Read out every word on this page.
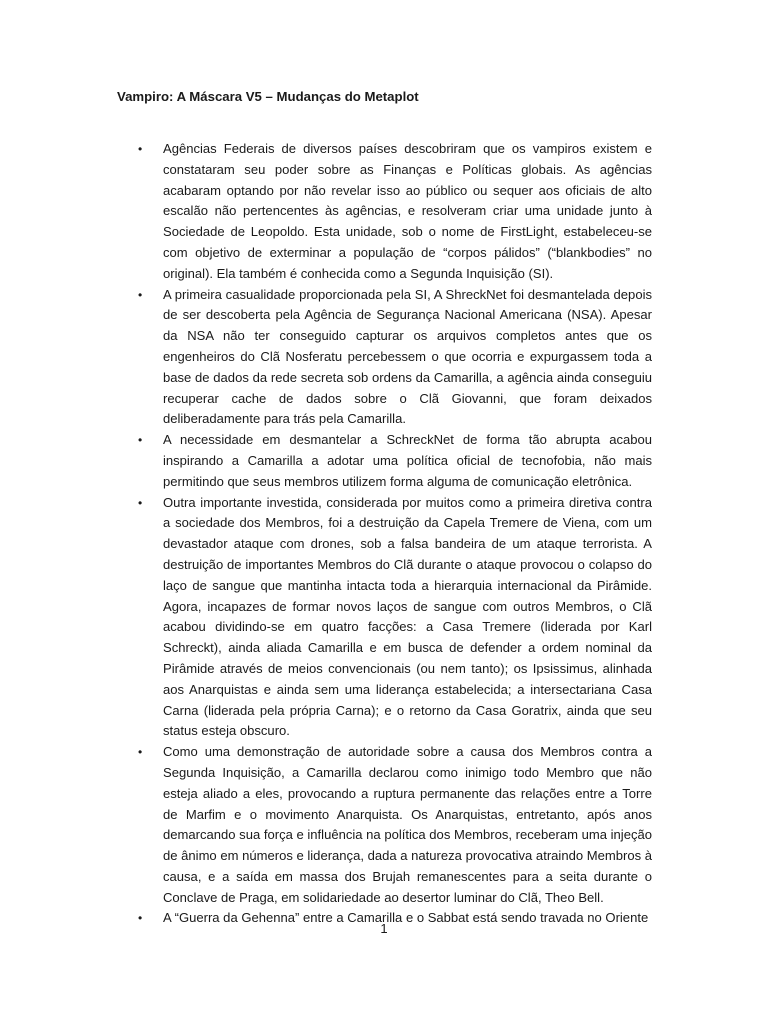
Vampiro: A Máscara V5 – Mudanças do Metaplot
• Agências Federais de diversos países descobriram que os vampiros existem e constataram seu poder sobre as Finanças e Políticas globais. As agências acabaram optando por não revelar isso ao público ou sequer aos oficiais de alto escalão não pertencentes às agências, e resolveram criar uma unidade junto à Sociedade de Leopoldo. Esta unidade, sob o nome de FirstLight, estabeleceu-se com objetivo de exterminar a população de “corpos pálidos” (“blankbodies” no original). Ela também é conhecida como a Segunda Inquisição (SI).
• A primeira casualidade proporcionada pela SI, A ShreckNet foi desmantelada depois de ser descoberta pela Agência de Segurança Nacional Americana (NSA). Apesar da NSA não ter conseguido capturar os arquivos completos antes que os engenheiros do Clã Nosferatu percebessem o que ocorria e expurgassem toda a base de dados da rede secreta sob ordens da Camarilla, a agência ainda conseguiu recuperar cache de dados sobre o Clã Giovanni, que foram deixados deliberadamente para trás pela Camarilla.
• A necessidade em desmantelar a SchreckNet de forma tão abrupta acabou inspirando a Camarilla a adotar uma política oficial de tecnofobia, não mais permitindo que seus membros utilizem forma alguma de comunicação eletrônica.
• Outra importante investida, considerada por muitos como a primeira diretiva contra a sociedade dos Membros, foi a destruição da Capela Tremere de Viena, com um devastador ataque com drones, sob a falsa bandeira de um ataque terrorista. A destruição de importantes Membros do Clã durante o ataque provocou o colapso do laço de sangue que mantinha intacta toda a hierarquia internacional da Pirâmide. Agora, incapazes de formar novos laços de sangue com outros Membros, o Clã acabou dividindo-se em quatro facções: a Casa Tremere (liderada por Karl Schreckt), ainda aliada Camarilla e em busca de defender a ordem nominal da Pirâmide através de meios convencionais (ou nem tanto); os Ipsissimus, alinhada aos Anarquistas e ainda sem uma liderança estabelecida; a intersectariana Casa Carna (liderada pela própria Carna); e o retorno da Casa Goratrix, ainda que seu status esteja obscuro.
• Como uma demonstração de autoridade sobre a causa dos Membros contra a Segunda Inquisição, a Camarilla declarou como inimigo todo Membro que não esteja aliado a eles, provocando a ruptura permanente das relações entre a Torre de Marfim e o movimento Anarquista. Os Anarquistas, entretanto, após anos demarcando sua força e influência na política dos Membros, receberam uma injeção de ânimo em números e liderança, dada a natureza provocativa atraindo Membros à causa, e a saída em massa dos Brujah remanescentes para a seita durante o Conclave de Praga, em solidariedade ao desertor luminar do Clã, Theo Bell.
• A “Guerra da Gehenna” entre a Camarilla e o Sabbat está sendo travada no Oriente
1
